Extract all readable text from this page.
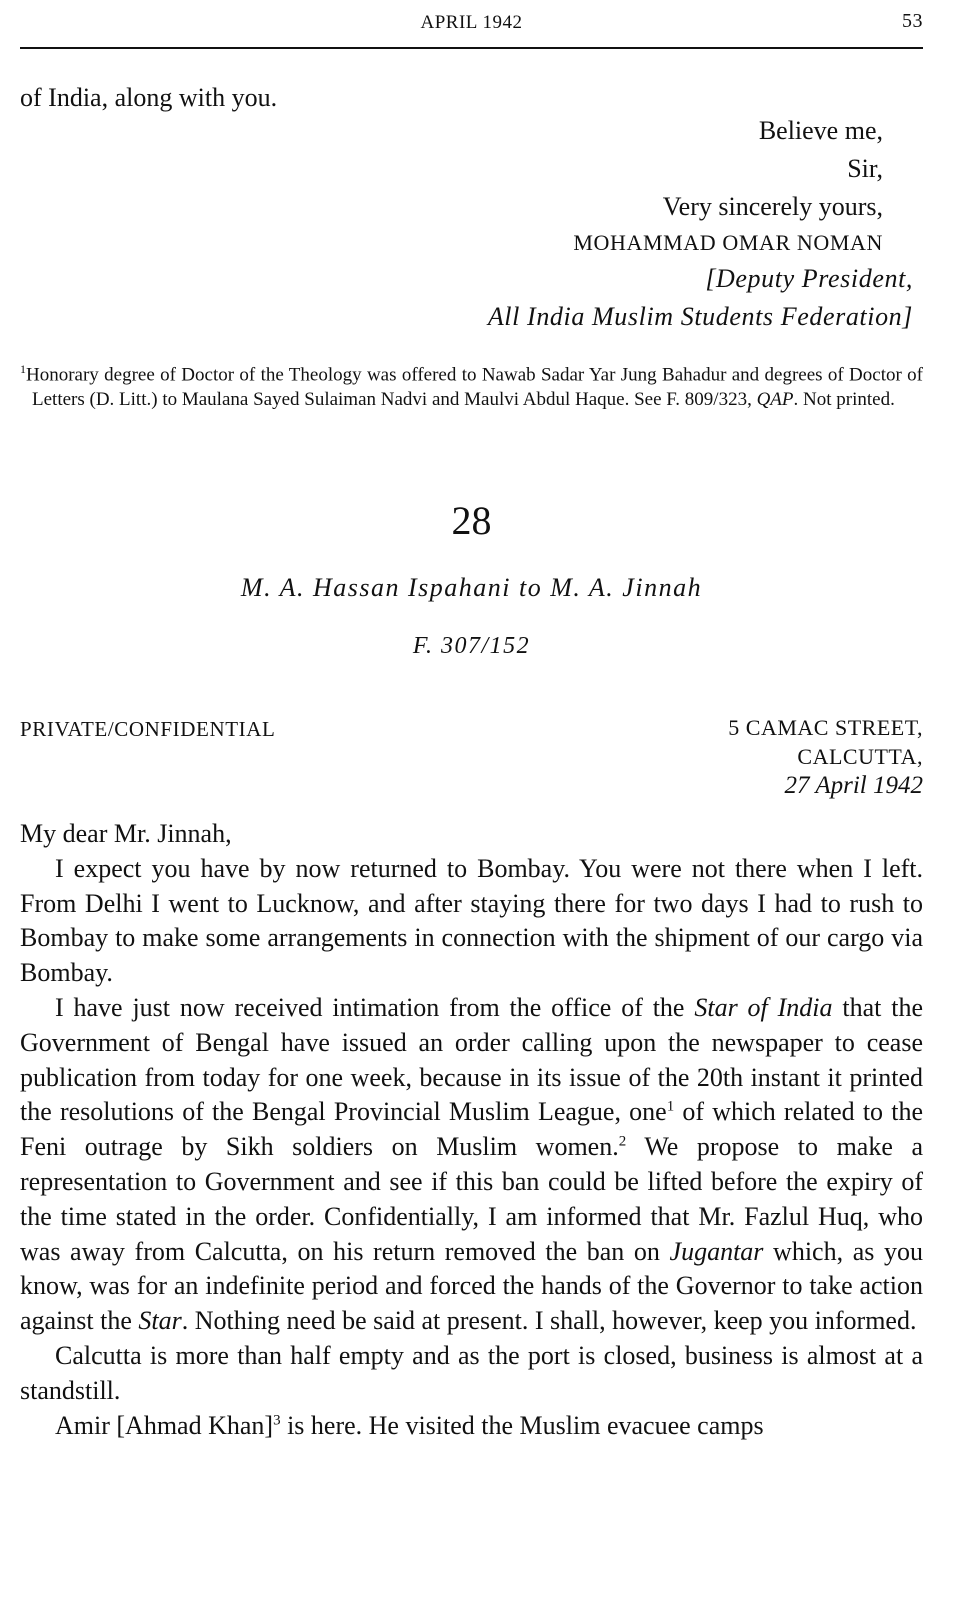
APRIL 1942	53
of India, along with you.
Believe me,
Sir,
Very sincerely yours,
MOHAMMAD OMAR NOMAN
[Deputy President,
All India Muslim Students Federation]

$^1$Honorary degree of Doctor of the Theology was offered to Nawab Sadar Yar Jung Bahadur and degrees of Doctor of Letters (D. Litt.) to Maulana Sayed Sulaiman Nadvi and Maulvi Abdul Haque. See F. 809/323, QAP. Not printed.

28
M. A. Hassan Ispahani to M. A. Jinnah
F. 307/152
PRIVATE/CONFIDENTIAL	5 CAMAC STREET,
CALCUTTA,
27 April 1942

My dear Mr. Jinnah,

I expect you have by now returned to Bombay. You were not there when I left. From Delhi I went to Lucknow, and after staying there for two days I had to rush to Bombay to make some arrangements in connection with the shipment of our cargo via Bombay.

I have just now received intimation from the office of the Star of India that the Government of Bengal have issued an order calling upon the newspaper to cease publication from today for one week, because in its issue of the 20th instant it printed the resolutions of the Bengal Provincial Muslim League, one$^1$ of which related to the Feni outrage by Sikh soldiers on Muslim women.$^2$ We propose to make a representation to Government and see if this ban could be lifted before the expiry of the time stated in the order. Confidentially, I am informed that Mr. Fazlul Huq, who was away from Calcutta, on his return removed the ban on Jugantar which, as you know, was for an indefinite period and forced the hands of the Governor to take action against the Star. Nothing need be said at present. I shall, however, keep you informed.

Calcutta is more than half empty and as the port is closed, business is almost at a standstill.

Amir [Ahmad Khan]$^3$ is here. He visited the Muslim evacuee camps
